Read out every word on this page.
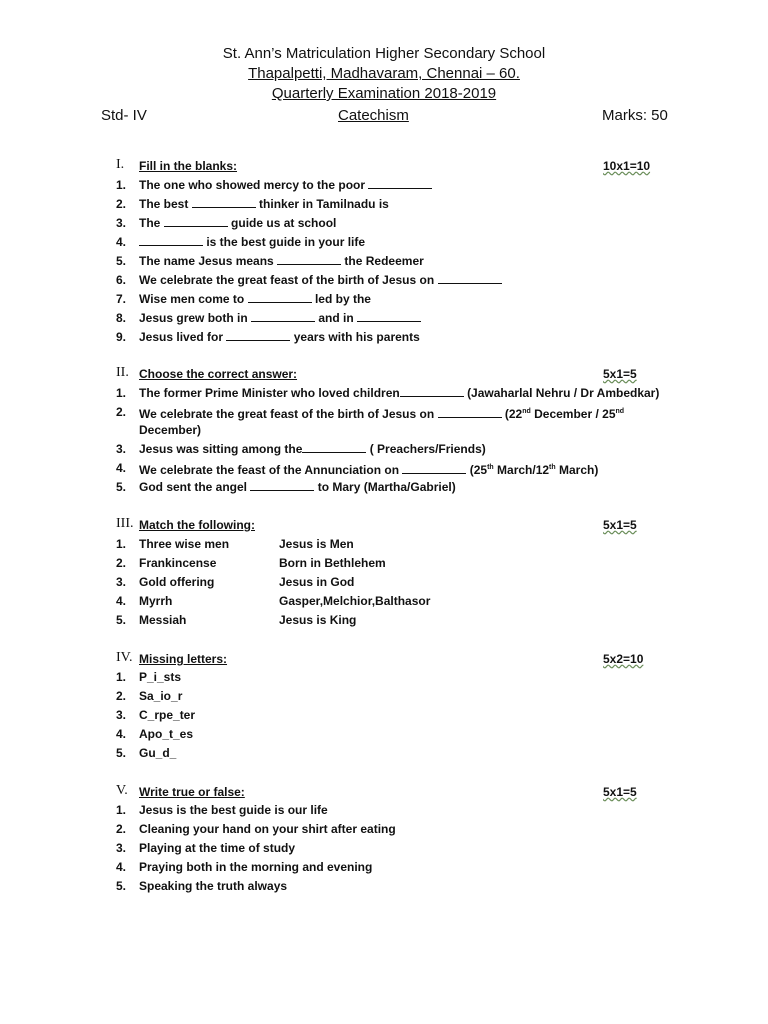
St. Ann’s Matriculation Higher Secondary School
Thapalpetti, Madhavaram, Chennai – 60.
Quarterly Examination 2018-2019
Std- IV	Catechism	Marks: 50
I. Fill in the blanks:	10x1=10
1. The one who showed mercy to the poor
2. The best	thinker in Tamilnadu is
3. The	guide us at school
4.	is the best guide in your life
5. The name Jesus means	the Redeemer
6. We celebrate the great feast of the birth of Jesus on
7. Wise men come to	led by the
8. Jesus grew both in	and in
9. Jesus lived for	years with his parents
II. Choose the correct answer:	5x1=5
1. The former Prime Minister who loved children	(Jawaharlal Nehru / Dr Ambedkar)
2. We celebrate the great feast of the birth of Jesus on	(22nd December / 25nd
December)
3. Jesus was sitting among the	( Preachers/Friends)
4. We celebrate the feast of the Annunciation on	(25th March/12th March)
5. God sent the angel	to Mary (Martha/Gabriel)
III. Match the following:	5x1=5
1. Three wise men	Jesus is Men
2. Frankincense	Born in Bethlehem
3. Gold offering	Jesus in God
4. Myrrh	Gasper,Melchior,Balthasor
5. Messiah	Jesus is King
IV. Missing letters:	5x2=10
1. P_i_sts
2. Sa_io_r
3. C_rpe_ter
4. Apo_t_es
5. Gu_d_
V. Write true or false:	5x1=5
1. Jesus is the best guide is our life
2. Cleaning your hand on your shirt after eating
3. Playing at the time of study
4. Praying both in the morning and evening
5. Speaking the truth always
